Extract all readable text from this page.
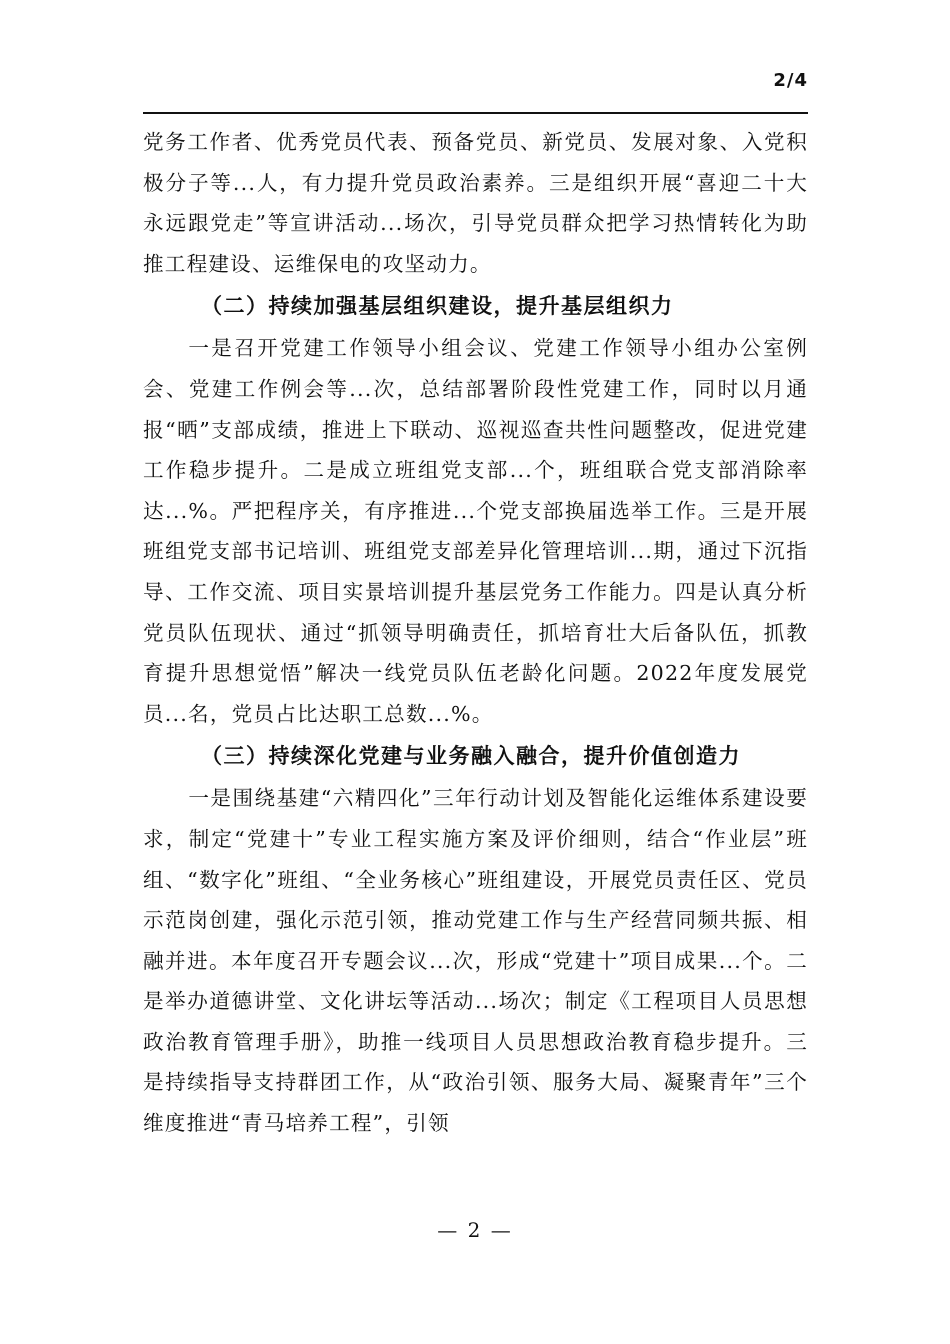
2/4

党务工作者、优秀党员代表、预备党员、新党员、发展对象、入党积极分子等...人，有力提升党员政治素养。三是组织开展“喜迎二十大永远跟党走”等宣讲活动...场次，引导党员群众把学习热情转化为助推工程建设、运维保电的攻坚动力。

（二）持续加强基层组织建设，提升基层组织力

一是召开党建工作领导小组会议、党建工作领导小组办公室例会、党建工作例会等...次，总结部署阶段性党建工作，同时以月通报“晒”支部成绩，推进上下联动、巡视巡查共性问题整改，促进党建工作稳步提升。二是成立班组党支部...个，班组联合党支部消除率达...%。严把程序关，有序推进...个党支部换届选举工作。三是开展班组党支部书记培训、班组党支部差异化管理培训...期，通过下沉指导、工作交流、项目实景培训提升基层党务工作能力。四是认真分析党员队伍现状、通过“抓领导明确责任，抓培育壮大后备队伍，抓教育提升思想觉悟”解决一线党员队伍老龄化问题。2022年度发展党员...名，党员占比达职工总数...%。

（三）持续深化党建与业务融入融合，提升价值创造力

一是围绕基建“六精四化”三年行动计划及智能化运维体系建设要求，制定“党建十”专业工程实施方案及评价细则，结合“作业层”班组、“数字化”班组、“全业务核心”班组建设，开展党员责任区、党员示范岗创建，强化示范引领，推动党建工作与生产经营同频共振、相融并进。本年度召开专题会议...次，形成“党建十”项目成果...个。二是举办道德讲堂、文化讲坛等活动...场次；制定《工程项目人员思想政治教育管理手册》，助推一线项目人员思想政治教育稳步提升。三是持续指导支持群团工作，从“政治引领、服务大局、凝聚青年”三个维度推进“青马培养工程”，引领

— 2 —
